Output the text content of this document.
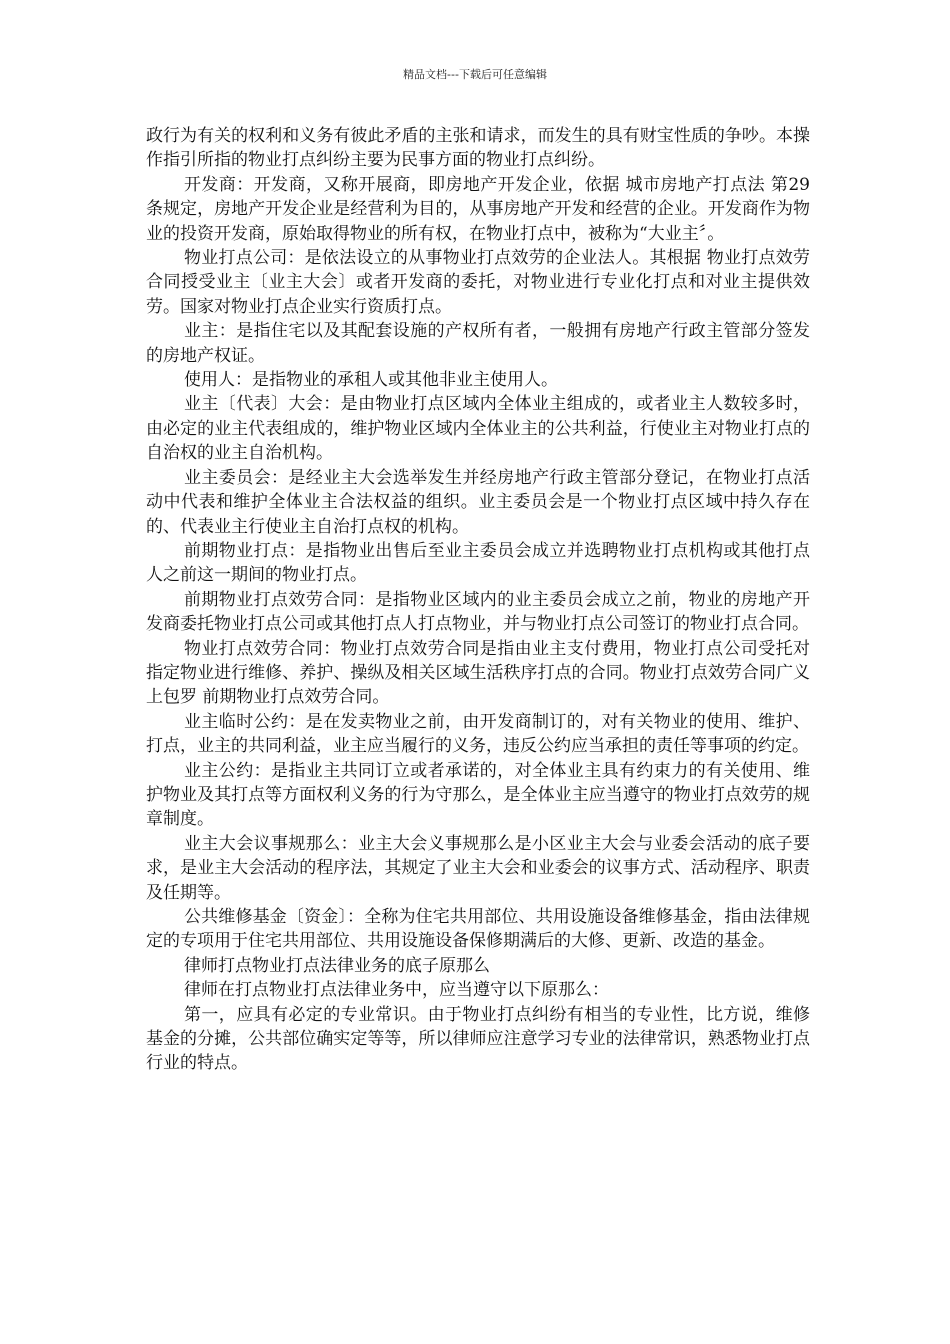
精品文档---下载后可任意编辑

政行为有关的权利和义务有彼此矛盾的主张和请求，而发生的具有财宝性质的争吵。本操作指引所指的物业打点纠纷主要为民事方面的物业打点纠纷。

开发商：开发商，又称开展商，即房地产开发企业，依据 城市房地产打点法 第29条规定，房地产开发企业是经营利为目的，从事房地产开发和经营的企业。开发商作为物业的投资开发商，原始取得物业的所有权，在物业打点中，被称为“大业主〞。

物业打点公司：是依法设立的从事物业打点效劳的企业法人。其根据 物业打点效劳合同授受业主〔业主大会〕或者开发商的委托，对物业进行专业化打点和对业主提供效劳。国家对物业打点企业实行资质打点。

业主：是指住宅以及其配套设施的产权所有者，一般拥有房地产行政主管部分签发的房地产权证。

使用人：是指物业的承租人或其他非业主使用人。

业主〔代表〕大会：是由物业打点区域内全体业主组成的，或者业主人数较多时，由必定的业主代表组成的，维护物业区域内全体业主的公共利益，行使业主对物业打点的自治权的业主自治机构。

业主委员会：是经业主大会选举发生并经房地产行政主管部分登记，在物业打点活动中代表和维护全体业主合法权益的组织。业主委员会是一个物业打点区域中持久存在的、代表业主行使业主自治打点权的机构。

前期物业打点：是指物业出售后至业主委员会成立并选聘物业打点机构或其他打点人之前这一期间的物业打点。

前期物业打点效劳合同：是指物业区域内的业主委员会成立之前，物业的房地产开发商委托物业打点公司或其他打点人打点物业，并与物业打点公司签订的物业打点合同。

物业打点效劳合同：物业打点效劳合同是指由业主支付费用，物业打点公司受托对指定物业进行维修、养护、操纵及相关区域生活秩序打点的合同。物业打点效劳合同广义上包罗 前期物业打点效劳合同。

业主临时公约：是在发卖物业之前，由开发商制订的，对有关物业的使用、维护、打点，业主的共同利益，业主应当履行的义务，违反公约应当承担的责任等事项的约定。

业主公约：是指业主共同订立或者承诺的，对全体业主具有约束力的有关使用、维护物业及其打点等方面权利义务的行为守那么，是全体业主应当遵守的物业打点效劳的规章制度。

业主大会议事规那么：业主大会义事规那么是小区业主大会与业委会活动的底子要求，是业主大会活动的程序法，其规定了业主大会和业委会的议事方式、活动程序、职责及任期等。

公共维修基金〔资金〕：全称为住宅共用部位、共用设施设备维修基金，指由法律规定的专项用于住宅共用部位、共用设施设备保修期满后的大修、更新、改造的基金。

律师打点物业打点法律业务的底子原那么

律师在打点物业打点法律业务中，应当遵守以下原那么：

第一，应具有必定的专业常识。由于物业打点纠纷有相当的专业性，比方说，维修基金的分摊，公共部位确实定等等，所以律师应注意学习专业的法律常识，熟悉物业打点行业的特点。
